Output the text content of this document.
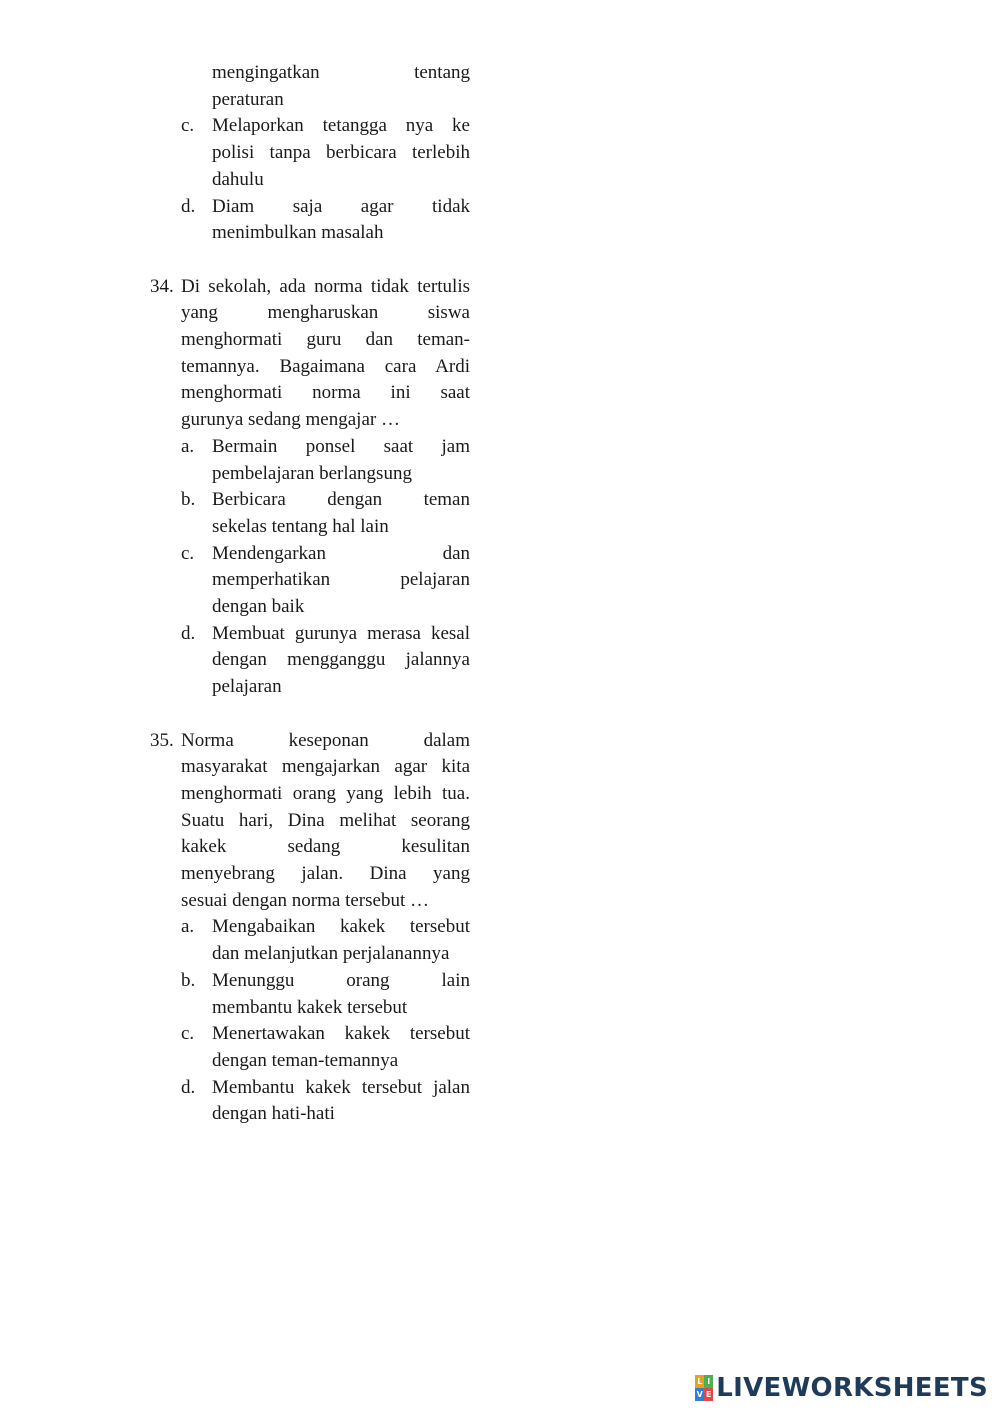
mengingatkan tentang
peraturan
c. Melaporkan tetangga nya ke
polisi tanpa berbicara terlebih
dahulu
d. Diam saja agar tidak
menimbulkan masalah
34. Di sekolah, ada norma tidak tertulis
yang mengharuskan siswa
menghormati guru dan teman-
temannya. Bagaimana cara Ardi
menghormati norma ini saat
gurunya sedang mengajar …
a. Bermain ponsel saat jam
pembelajaran berlangsung
b. Berbicara dengan teman
sekelas tentang hal lain
c. Mendengarkan dan
memperhatikan pelajaran
dengan baik
d. Membuat gurunya merasa kesal
dengan mengganggu jalannya
pelajaran
35. Norma keseponan dalam
masyarakat mengajarkan agar kita
menghormati orang yang lebih tua.
Suatu hari, Dina melihat seorang
kakek sedang kesulitan
menyebrang jalan. Dina yang
sesuai dengan norma tersebut …
a. Mengabaikan kakek tersebut
dan melanjutkan perjalanannya
b. Menunggu orang lain
membantu kakek tersebut
c. Menertawakan kakek tersebut
dengan teman-temannya
d. Membantu kakek tersebut jalan
dengan hati-hati
L I
V E LIVEWORKSHEETS
